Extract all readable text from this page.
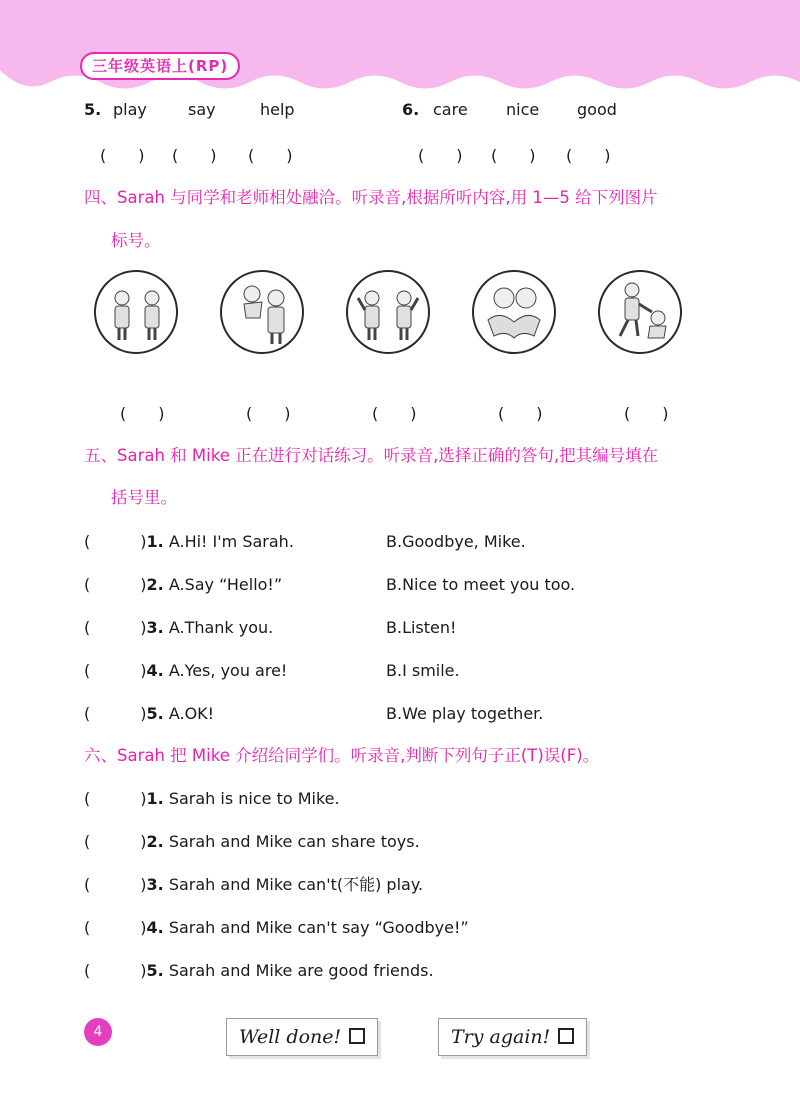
三年级英语上(RP)
5. play	say	help	6. care nice good
(　　) (　　) (　　)	(　　) (　　) (　　)
四、Sarah 与同学和老师相处融洽。听录音,根据所听内容,用 1—5 给下列图片
标号。
(　　)	(　　)	(　　)	(　　)	(　　)
五、Sarah 和 Mike 正在进行对话练习。听录音,选择正确的答句,把其编号填在
括号里。
(	)1. A.Hi! I'm Sarah.	B.Goodbye, Mike.
(	)2. A.Say “Hello!”	B.Nice to meet you too.
(	)3. A.Thank you.	B.Listen!
(	)4. A.Yes, you are!	B.I smile.
(	)5. A.OK!	B.We play together.
六、Sarah 把 Mike 介绍给同学们。听录音,判断下列句子正(T)误(F)。
(	)1. Sarah is nice to Mike.
(	)2. Sarah and Mike can share toys.
(	)3. Sarah and Mike can't(不能) play.
(	)4. Sarah and Mike can't say “Goodbye!”
(	)5. Sarah and Mike are good friends.
4	Well done!	Try again!
